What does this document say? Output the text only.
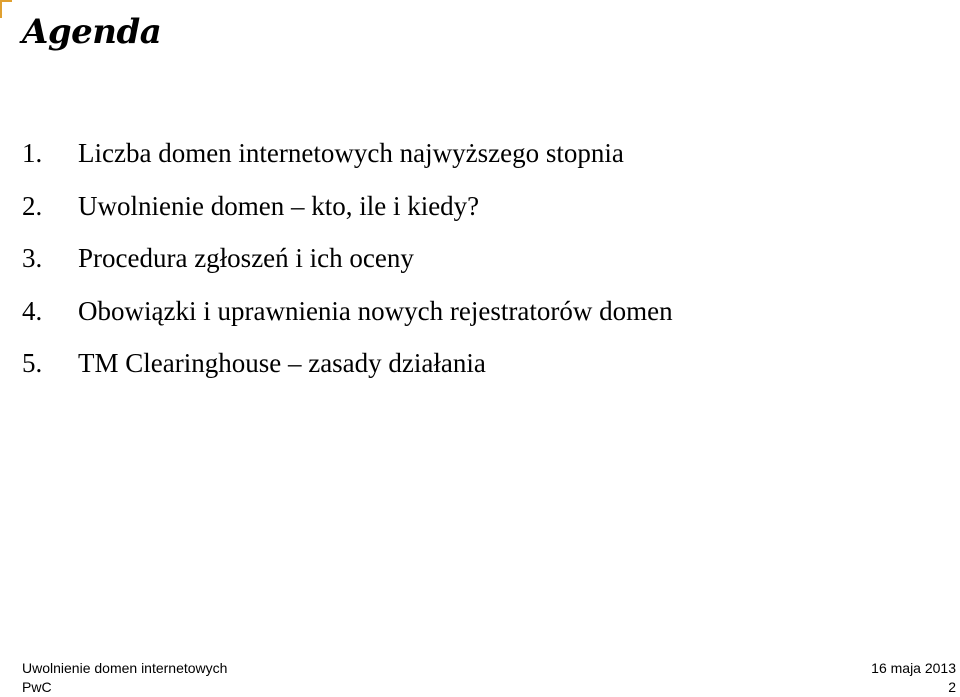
Agenda
1.	Liczba domen internetowych najwyższego stopnia
2.	Uwolnienie domen – kto, ile i kiedy?
3.	Procedura zgłoszeń i ich oceny
4.	Obowiązki i uprawnienia nowych rejestratorów domen
5.	TM Clearinghouse – zasady działania
Uwolnienie domen internetowych	16 maja 2013
PwC	2
